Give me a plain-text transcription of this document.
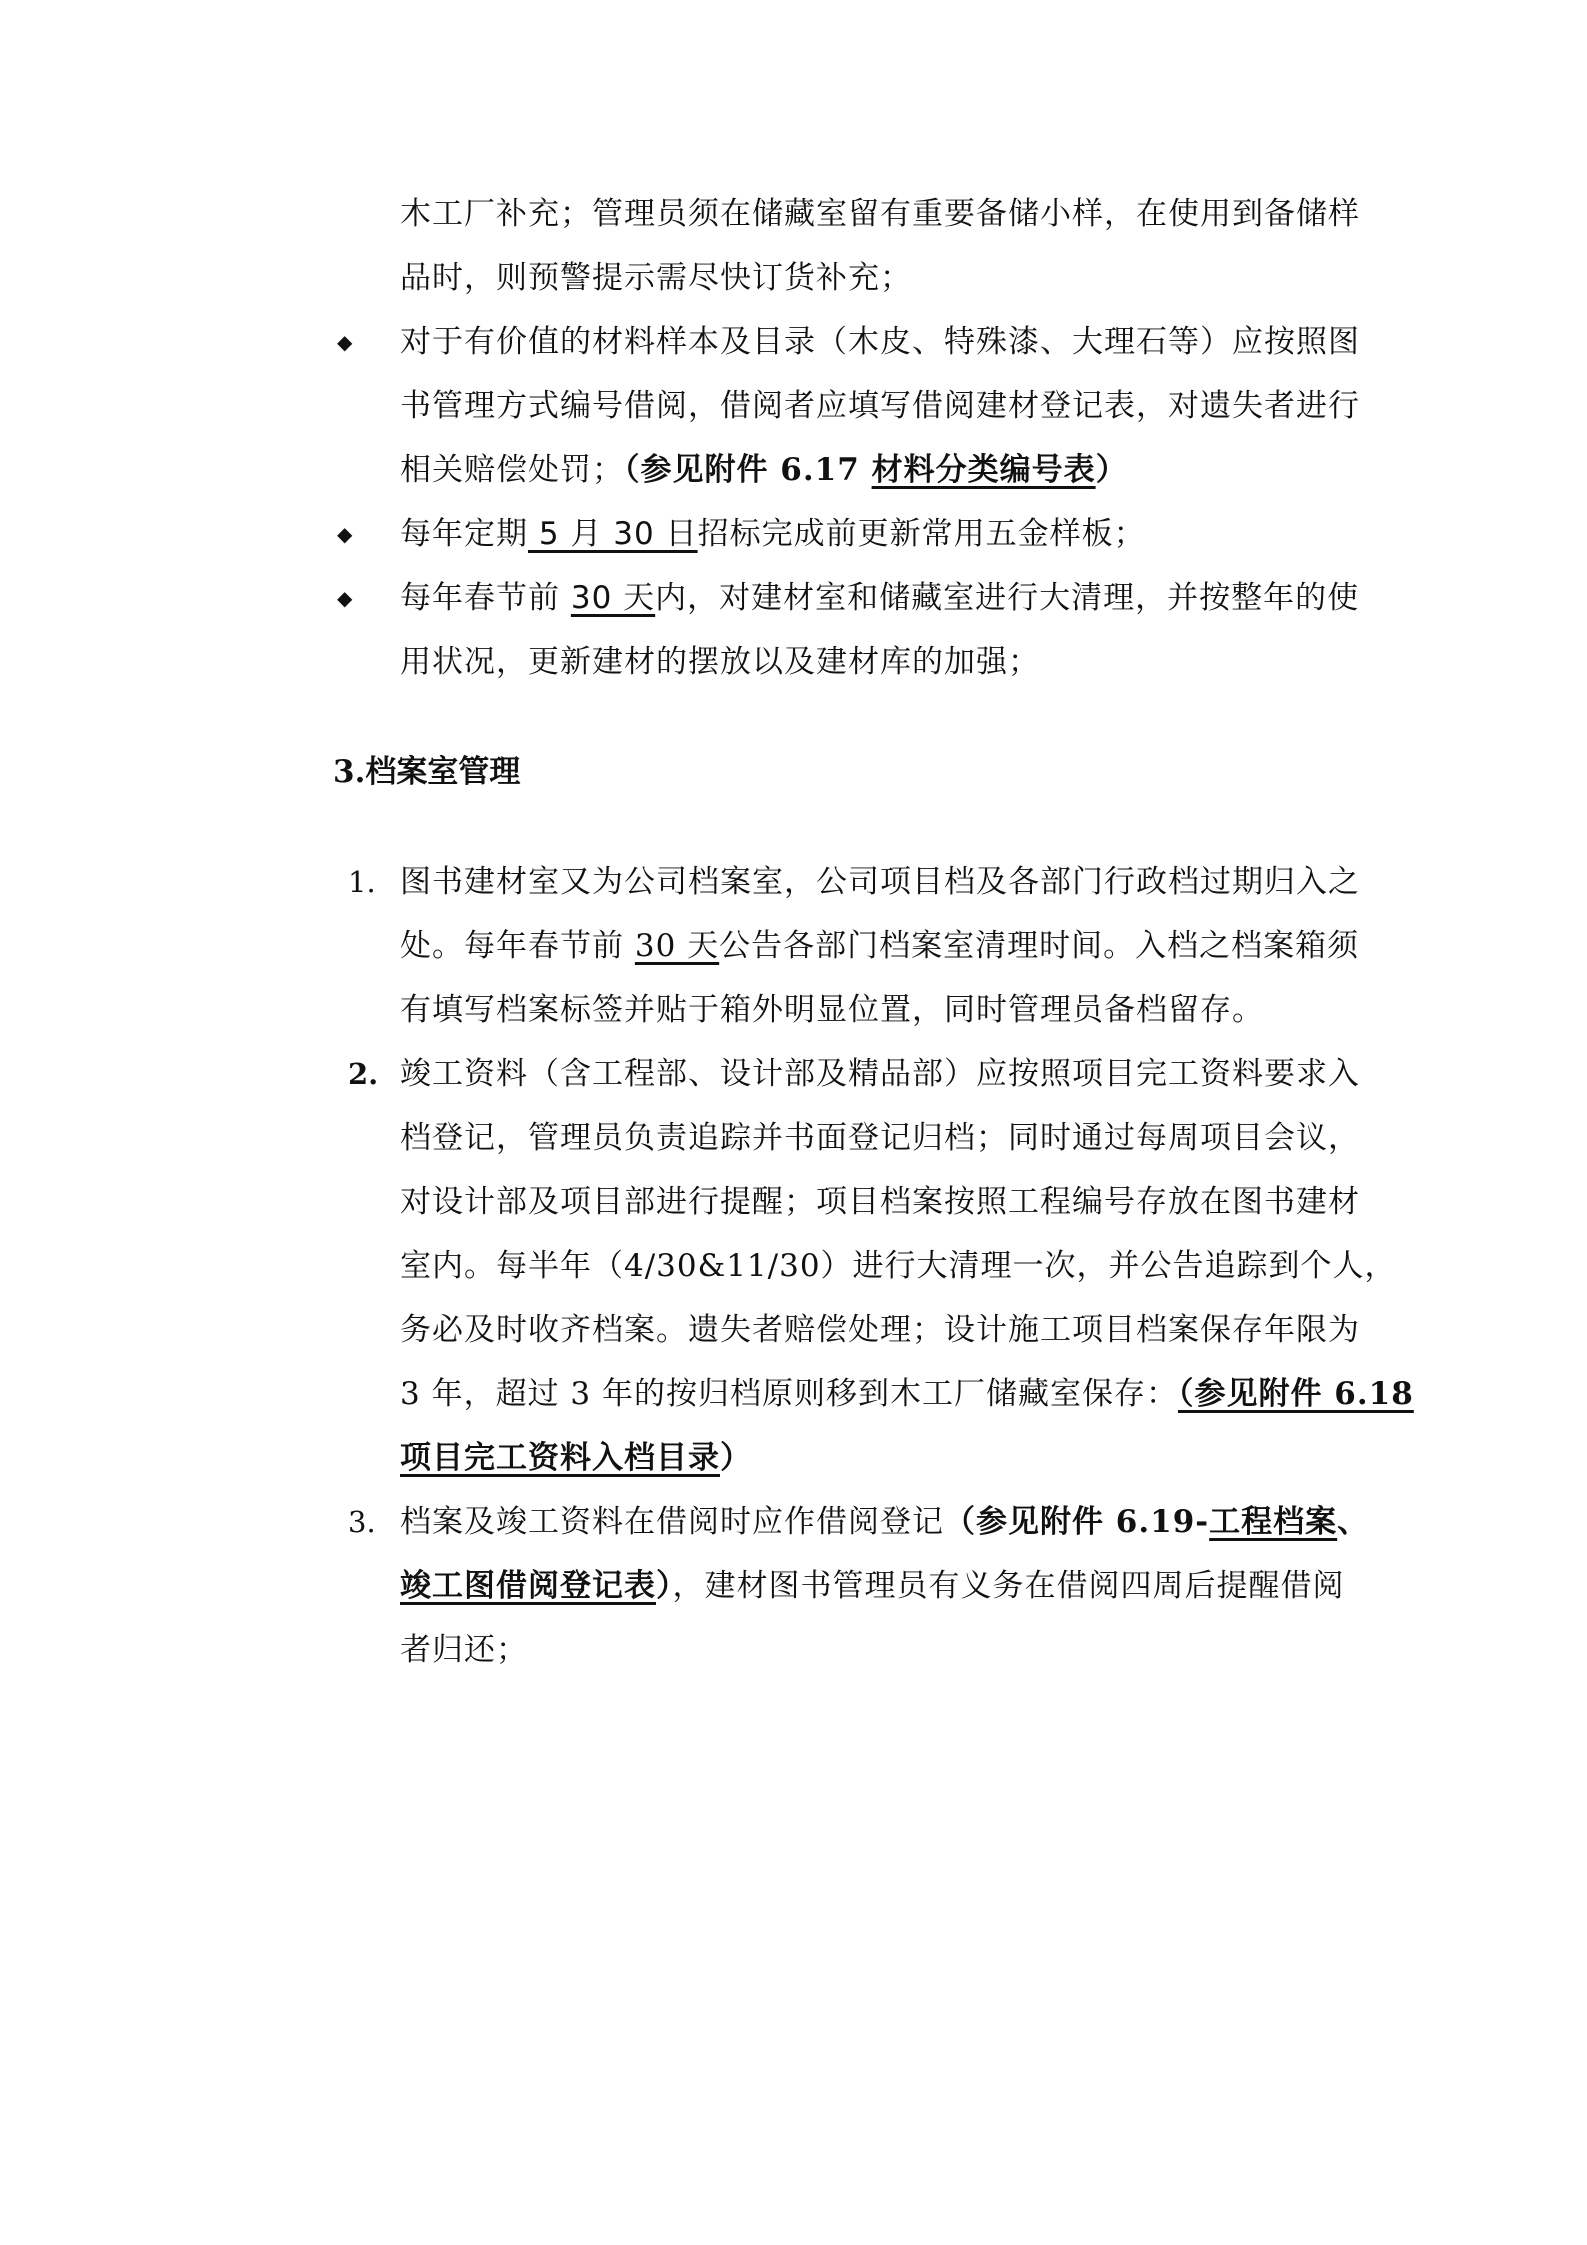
木工厂补充；管理员须在储藏室留有重要备储小样，在使用到备储样
品时，则预警提示需尽快订货补充；
◆ 对于有价值的材料样本及目录（木皮、特殊漆、大理石等）应按照图
书管理方式编号借阅，借阅者应填写借阅建材登记表，对遗失者进行
相关赔偿处罚；（参见附件 6.17 材料分类编号表）
◆ 每年定期 5 月 30 日招标完成前更新常用五金样板；
◆ 每年春节前 30 天内，对建材室和储藏室进行大清理，并按整年的使
用状况，更新建材的摆放以及建材库的加强；
3.档案室管理
1. 图书建材室又为公司档案室，公司项目档及各部门行政档过期归入之
处。每年春节前 30 天公告各部门档案室清理时间。入档之档案箱须
有填写档案标签并贴于箱外明显位置，同时管理员备档留存。
2. 竣工资料（含工程部、设计部及精品部）应按照项目完工资料要求入
档登记，管理员负责追踪并书面登记归档；同时通过每周项目会议，
对设计部及项目部进行提醒；项目档案按照工程编号存放在图书建材
室内。每半年（4/30&11/30）进行大清理一次，并公告追踪到个人，
务必及时收齐档案。遗失者赔偿处理；设计施工项目档案保存年限为
3 年，超过 3 年的按归档原则移到木工厂储藏室保存：（参见附件 6.18
项目完工资料入档目录）
3. 档案及竣工资料在借阅时应作借阅登记（参见附件 6.19-工程档案、
竣工图借阅登记表），建材图书管理员有义务在借阅四周后提醒借阅
者归还；
